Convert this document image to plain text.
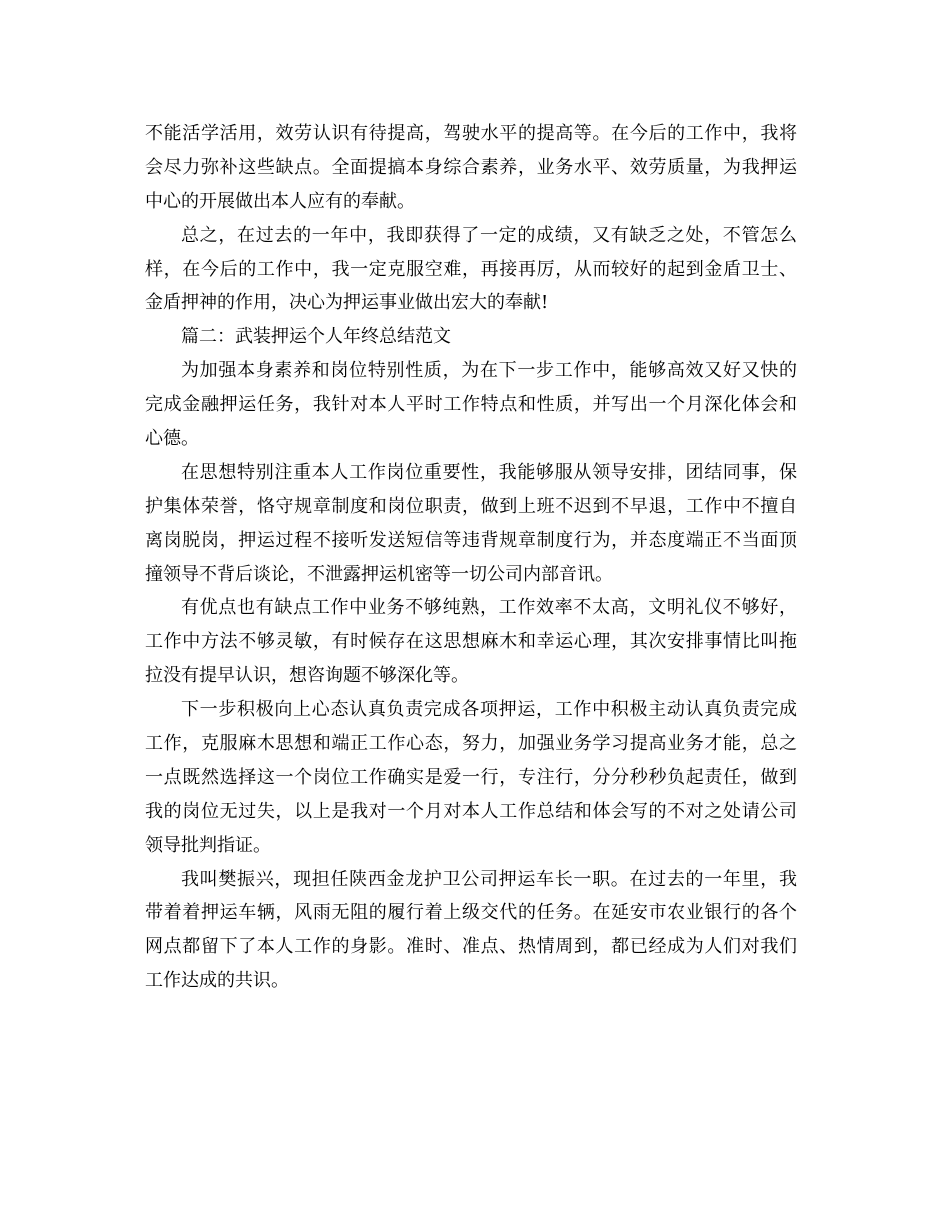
不能活学活用，效劳认识有待提高，驾驶水平的提高等。在今后的工作中，我将
会尽力弥补这些缺点。全面提搞本身综合素养，业务水平、效劳质量，为我押运
中心的开展做出本人应有的奉献。
总之，在过去的一年中，我即获得了一定的成绩，又有缺乏之处，不管怎么
样，在今后的工作中，我一定克服空难，再接再厉，从而较好的起到金盾卫士、
金盾押神的作用，决心为押运事业做出宏大的奉献!
篇二：武装押运个人年终总结范文
为加强本身素养和岗位特别性质，为在下一步工作中，能够高效又好又快的
完成金融押运任务，我针对本人平时工作特点和性质，并写出一个月深化体会和
心德。
在思想特别注重本人工作岗位重要性，我能够服从领导安排，团结同事，保
护集体荣誉，恪守规章制度和岗位职责，做到上班不迟到不早退，工作中不擅自
离岗脱岗，押运过程不接听发送短信等违背规章制度行为，并态度端正不当面顶
撞领导不背后谈论，不泄露押运机密等一切公司内部音讯。
有优点也有缺点工作中业务不够纯熟，工作效率不太高，文明礼仪不够好，
工作中方法不够灵敏，有时候存在这思想麻木和幸运心理，其次安排事情比叫拖
拉没有提早认识，想咨询题不够深化等。
下一步积极向上心态认真负责完成各项押运，工作中积极主动认真负责完成
工作，克服麻木思想和端正工作心态，努力，加强业务学习提高业务才能，总之
一点既然选择这一个岗位工作确实是爱一行，专注行，分分秒秒负起责任，做到
我的岗位无过失，以上是我对一个月对本人工作总结和体会写的不对之处请公司
领导批判指证。
我叫樊振兴，现担任陕西金龙护卫公司押运车长一职。在过去的一年里，我
带着着押运车辆，风雨无阻的履行着上级交代的任务。在延安市农业银行的各个
网点都留下了本人工作的身影。准时、准点、热情周到，都已经成为人们对我们
工作达成的共识。
